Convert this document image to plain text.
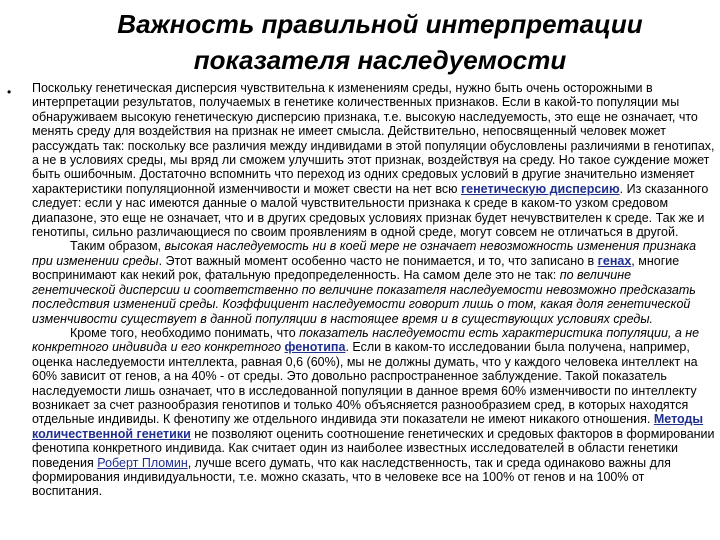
Важность правильной интерпретации
показателя наследуемости
• Поскольку генетическая дисперсия чувствительна к изменениям среды, нужно быть очень осторожными в интерпретации результатов, получаемых в генетике количественных признаков. Если в какой-то популяции мы обнаруживаем высокую генетическую дисперсию признака, т.е. высокую наследуемость, это еще не означает, что менять среду для воздействия на признак не имеет смысла. Действительно, непосвященный человек может рассуждать так: поскольку все различия между индивидами в этой популяции обусловлены различиями в генотипах, а не в условиях среды, мы вряд ли сможем улучшить этот признак, воздействуя на среду. Но такое суждение может быть ошибочным. Достаточно вспомнить что переход из одних средовых условий в другие значительно изменяет характеристики популяционной изменчивости и может свести на нет всю генетическую дисперсию. Из сказанного следует: если у нас имеются данные о малой чувствительности признака к среде в каком-то узком средовом диапазоне, это еще не означает, что и в других средовых условиях признак будет нечувствителен к среде. Так же и генотипы, сильно различающиеся по своим проявлениям в одной среде, могут совсем не отличаться в другой.

Таким образом, высокая наследуемость ни в коей мере не означает невозможность изменения признака при изменении среды. Этот важный момент особенно часто не понимается, и то, что записано в генах, многие воспринимают как некий рок, фатальную предопределенность. На самом деле это не так: по величине генетической дисперсии и соответственно по величине показателя наследуемости невозможно предсказать последствия изменений среды. Коэффициент наследуемости говорит лишь о том, какая доля генетической изменчивости существует в данной популяции в настоящее время и в существующих условиях среды.

Кроме того, необходимо понимать, что показатель наследуемости есть характеристика популяции, а не конкретного индивида и его конкретного фенотипа. Если в каком-то исследовании была получена, например, оценка наследуемости интеллекта, равная 0,6 (60%), мы не должны думать, что у каждого человека интеллект на 60% зависит от генов, а на 40% - от среды. Это довольно распространенное заблуждение. Такой показатель наследуемости лишь означает, что в исследованной популяции в данное время 60% изменчивости по интеллекту возникает за счет разнообразия генотипов и только 40% объясняется разнообразием сред, в которых находятся отдельные индивиды. К фенотипу же отдельного индивида эти показатели не имеют никакого отношения. Методы количественной генетики не позволяют оценить соотношение генетических и средовых факторов в формировании фенотипа конкретного индивида. Как считает один из наиболее известных исследователей в области генетики поведения Роберт Пломин, лучше всего думать, что как наследственность, так и среда одинаково важны для формирования индивидуальности, т.е. можно сказать, что в человеке все на 100% от генов и на 100% от воспитания.
